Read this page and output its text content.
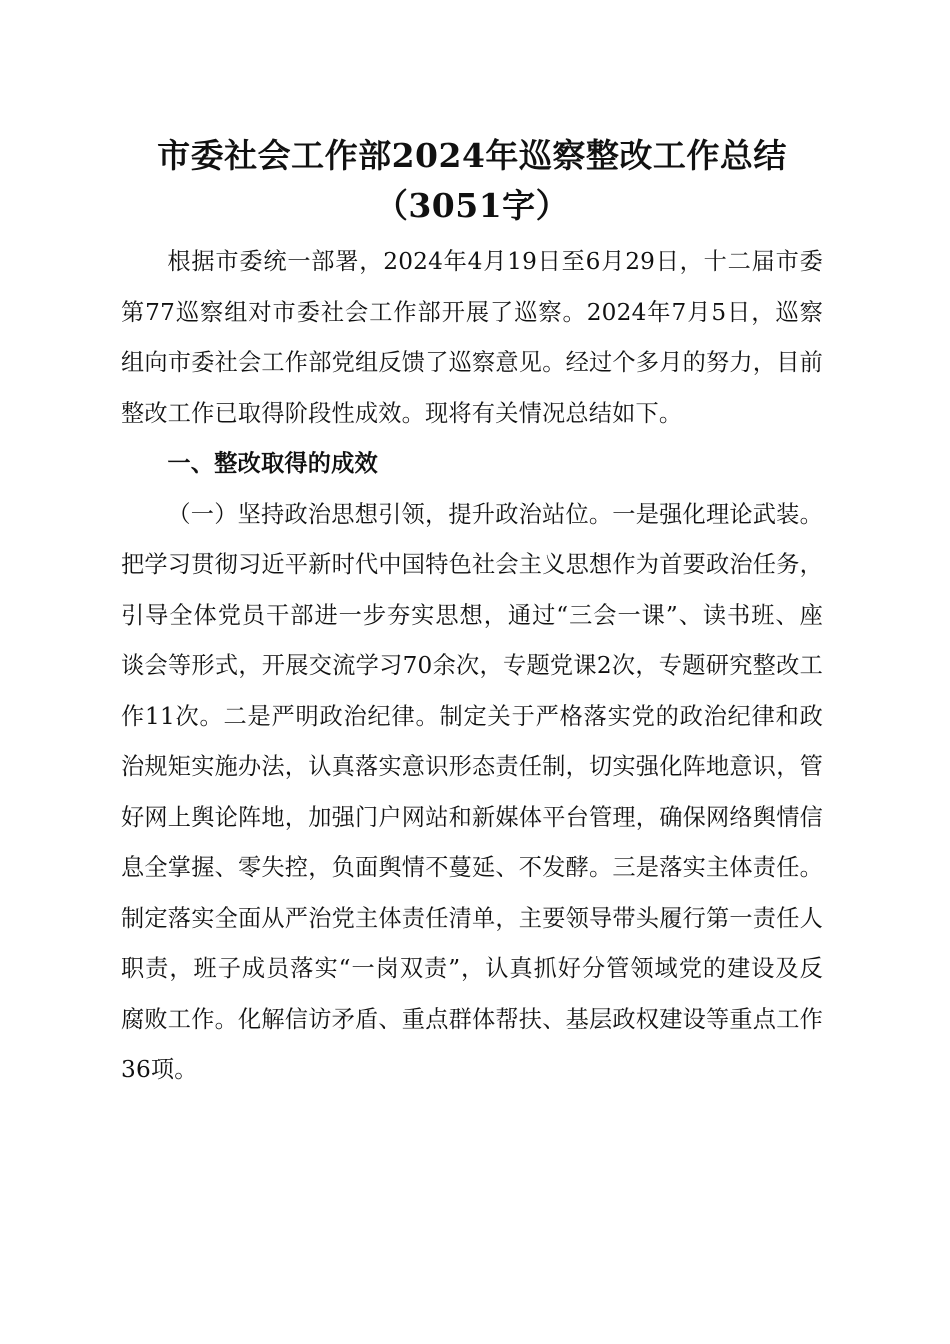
市委社会工作部2024年巡察整改工作总结
（3051字）

根据市委统一部署，2024年4月19日至6月29日，十二届市委第77巡察组对市委社会工作部开展了巡察。2024年7月5日，巡察组向市委社会工作部党组反馈了巡察意见。经过个多月的努力，目前整改工作已取得阶段性成效。现将有关情况总结如下。

一、整改取得的成效

（一）坚持政治思想引领，提升政治站位。一是强化理论武装。把学习贯彻习近平新时代中国特色社会主义思想作为首要政治任务，引导全体党员干部进一步夯实思想，通过“三会一课”、读书班、座谈会等形式，开展交流学习70余次，专题党课2次，专题研究整改工作11次。二是严明政治纪律。制定关于严格落实党的政治纪律和政治规矩实施办法，认真落实意识形态责任制，切实强化阵地意识，管好网上舆论阵地，加强门户网站和新媒体平台管理，确保网络舆情信息全掌握、零失控，负面舆情不蔓延、不发酵。三是落实主体责任。制定落实全面从严治党主体责任清单，主要领导带头履行第一责任人职责，班子成员落实“一岗双责”，认真抓好分管领域党的建设及反腐败工作。化解信访矛盾、重点群体帮扶、基层政权建设等重点工作36项。
